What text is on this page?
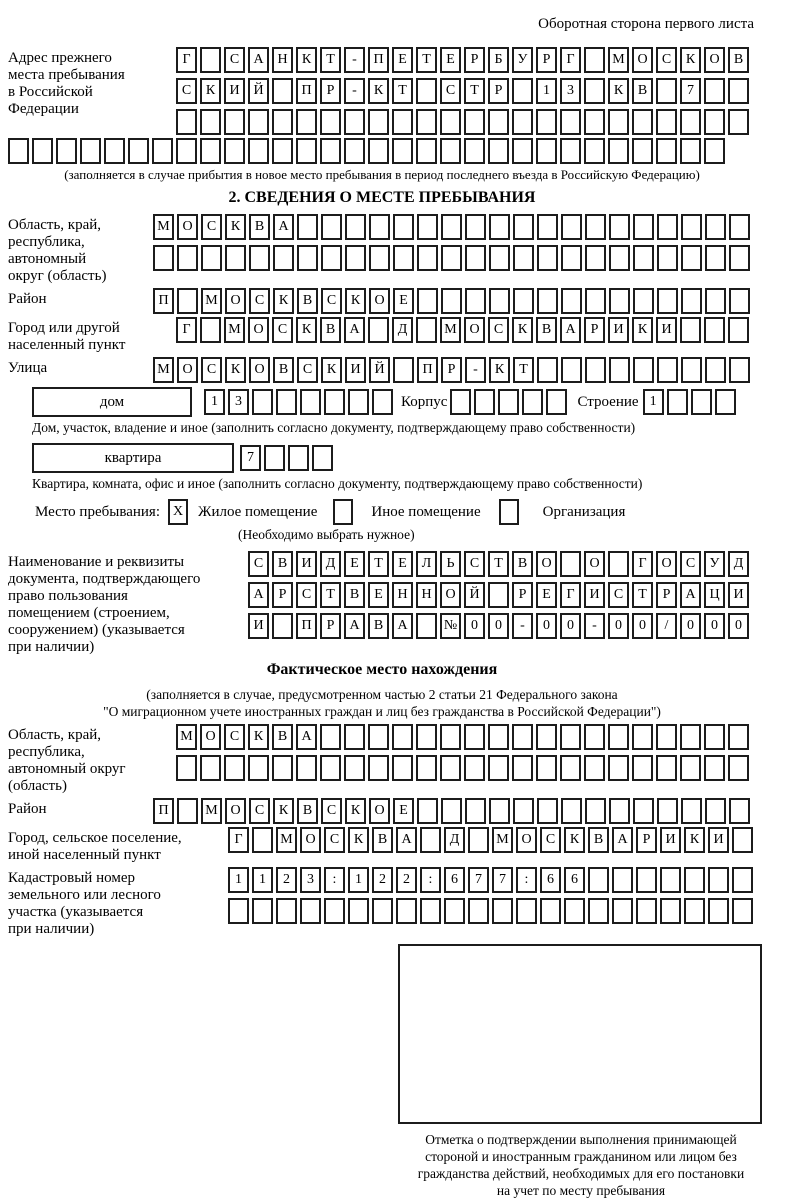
Оборотная сторона первого листа
Адрес прежнего
места пребывания
в Российской
Федерации
Г	С	А Н	К	Т	-	П	Е	Т	Е	Р	Б	У	Р	Г	М О	С	К	О	В
С	К	И Й	П	Р	-	К	Т	С	Т	Р	1	3	К	В	7
(заполняется в случае прибытия в новое место пребывания в период последнего въезда в Российскую Федерацию)
2. СВЕДЕНИЯ О МЕСТЕ ПРЕБЫВАНИЯ
Область, край,
республика,
автономный
округ (область)
М О	С	К	В	А
Район	П	М О	С	К	В	С	К	О	Е
Город или другой
населенный пункт
Г	М О	С	К	В	А	Д	М О	С	К	В	А	Р	И	К	И
Улица	М О	С	К	О	В	С	К	И Й	П	Р	-	К	Т
дом	1	3	Корпус	Строение 1
Дом, участок, владение и иное (заполнить согласно документу, подтверждающему право собственности)
квартира	7
Квартира, комната, офис и иное (заполнить согласно документу, подтверждающему право собственности)
Место пребывания: X Жилое помещение	Иное помещение	Организация
(Необходимо выбрать нужное)
Наименование и реквизиты
документа, подтверждающего
право пользования
помещением (строением,
сооружением) (указывается
при наличии)
С	В	И	Д	Е	Т	Е	Л	Ь	С	Т	В	О	О	Г	О	С	У	Д
А	Р	С	Т	В	Е	Н Н О Й	Р	Е	Г	И	С	Т	Р	А Ц И
И	П	Р	А	В	А	№ 0	0	-	0	0	-	0	0	/	0	0	0
Фактическое место нахождения
(заполняется в случае, предусмотренном частью 2 статьи 21 Федерального закона
"О миграционном учете иностранных граждан и лиц без гражданства в Российской Федерации")
Область, край,
республика,
автономный округ
(область)
М О	С	К	В	А
Район	П	М О	С	К	В	С	К	О	Е
Город, сельское поселение,
иной населенный пункт
Г	М О	С	К	В	А	Д	М О	С	К	В	А	Р	И	К	И
Кадастровый номер
земельного или лесного
участка (указывается
при наличии)
1	1	2	3	:	1	2	2	:	6	7	7	:	6	6
Отметка о подтверждении выполнения принимающей
стороной и иностранным гражданином или лицом без
гражданства действий, необходимых для его постановки
на учет по месту пребывания
